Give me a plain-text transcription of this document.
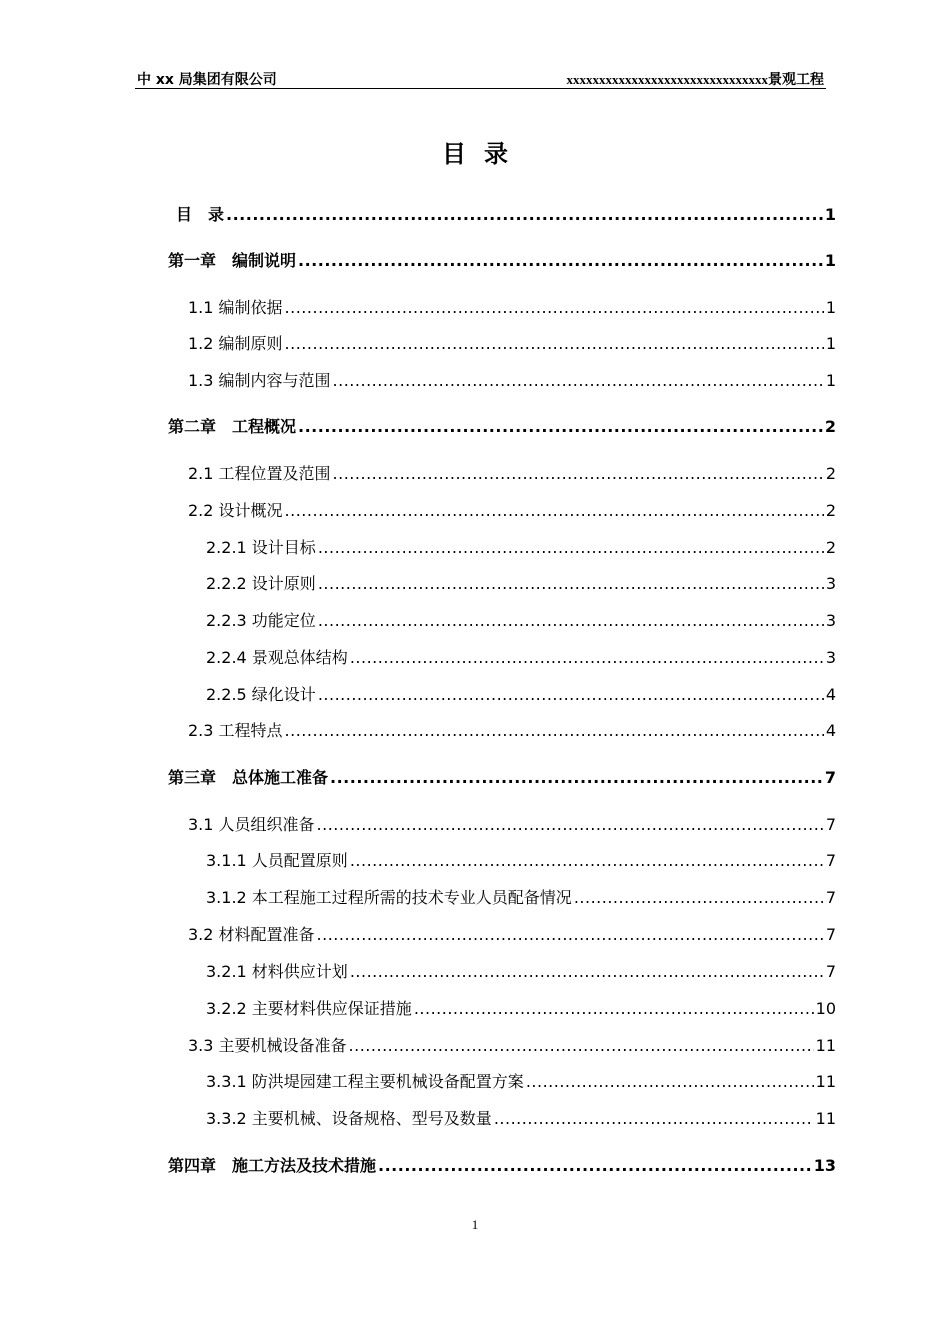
中 xx 局集团有限公司	xxxxxxxxxxxxxxxxxxxxxxxxxxxxxxx景观工程
目录
目　录 .....	1
第一章　编制说明 .....	1
1.1 编制依据 .....	1
1.2 编制原则 .....	1
1.3 编制内容与范围 .....	1
第二章　工程概况 .....	2
2.1 工程位置及范围 .....	2
2.2 设计概况 .....	2
2.2.1 设计目标 .....	2
2.2.2 设计原则 .....	3
2.2.3 功能定位 .....	3
2.2.4 景观总体结构 .....	3
2.2.5 绿化设计 .....	4
2.3 工程特点 .....	4
第三章　总体施工准备 .....	7
3.1 人员组织准备 .....	7
3.1.1 人员配置原则 .....	7
3.1.2 本工程施工过程所需的技术专业人员配备情况 .....	7
3.2 材料配置准备 .....	7
3.2.1 材料供应计划 .....	7
3.2.2 主要材料供应保证措施 .....	10
3.3 主要机械设备准备 .....	11
3.3.1 防洪堤园建工程主要机械设备配置方案 .....	11
3.3.2 主要机械、设备规格、型号及数量 .....	11
第四章　施工方法及技术措施 .....	13
1
